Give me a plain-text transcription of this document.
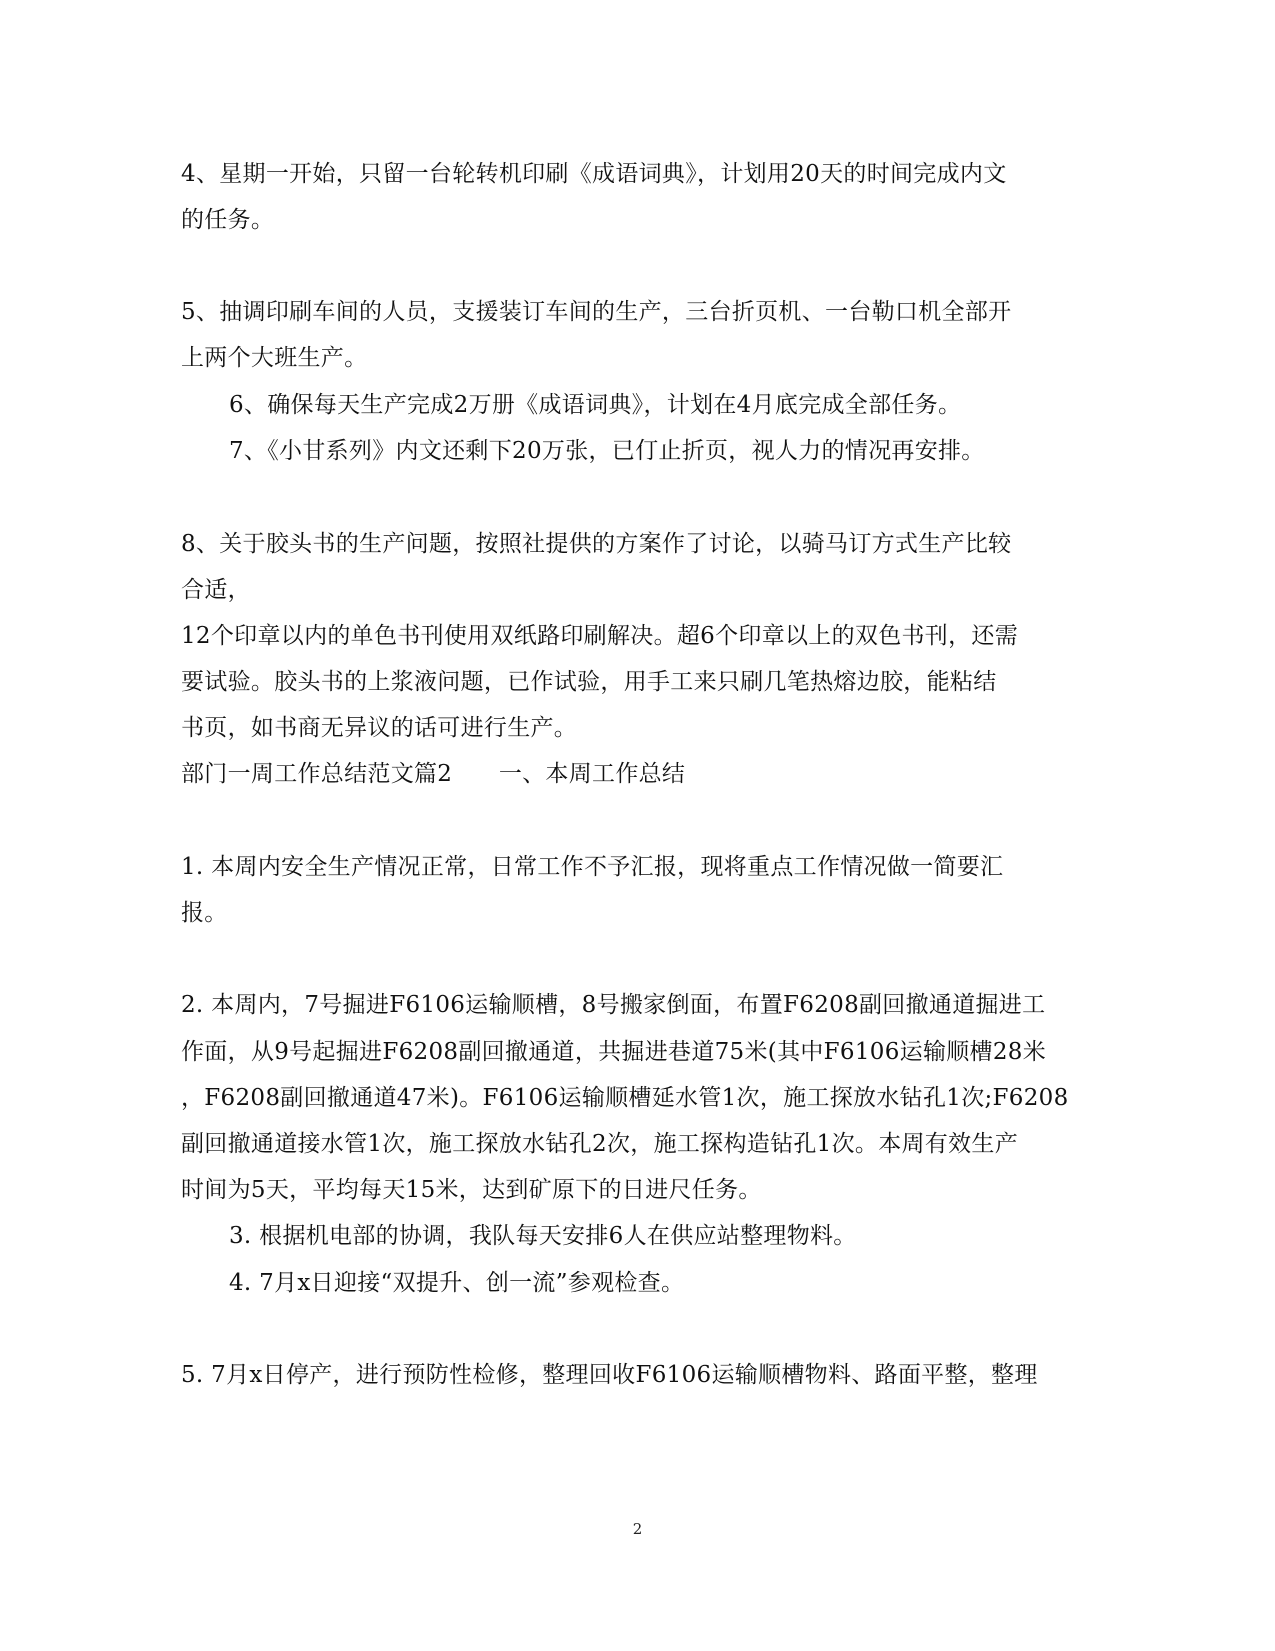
4、星期一开始，只留一台轮转机印刷《成语词典》，计划用20天的时间完成内文
的任务。
5、抽调印刷车间的人员，支援装订车间的生产，三台折页机、一台勒口机全部开
上两个大班生产。
6、确保每天生产完成2万册《成语词典》，计划在4月底完成全部任务。
7、《小甘系列》内文还剩下20万张，已仃止折页，视人力的情况再安排。
8、关于胶头书的生产问题，按照社提供的方案作了讨论，以骑马订方式生产比较
合适，
12个印章以内的单色书刊使用双纸路印刷解决。超6个印章以上的双色书刊，还需
要试验。胶头书的上浆液问题，已作试验，用手工来只刷几笔热熔边胶，能粘结
书页，如书商无异议的话可进行生产。
部门一周工作总结范文篇2　　一、本周工作总结
1. 本周内安全生产情况正常，日常工作不予汇报，现将重点工作情况做一简要汇
报。
2. 本周内，7号掘进F6106运输顺槽，8号搬家倒面，布置F6208副回撤通道掘进工
作面，从9号起掘进F6208副回撤通道，共掘进巷道75米(其中F6106运输顺槽28米
，F6208副回撤通道47米)。F6106运输顺槽延水管1次，施工探放水钻孔1次;F6208
副回撤通道接水管1次，施工探放水钻孔2次，施工探构造钻孔1次。本周有效生产
时间为5天，平均每天15米，达到矿原下的日进尺任务。
3. 根据机电部的协调，我队每天安排6人在供应站整理物料。
4. 7月x日迎接“双提升、创一流”参观检查。
5. 7月x日停产，进行预防性检修，整理回收F6106运输顺槽物料、路面平整，整理
2
